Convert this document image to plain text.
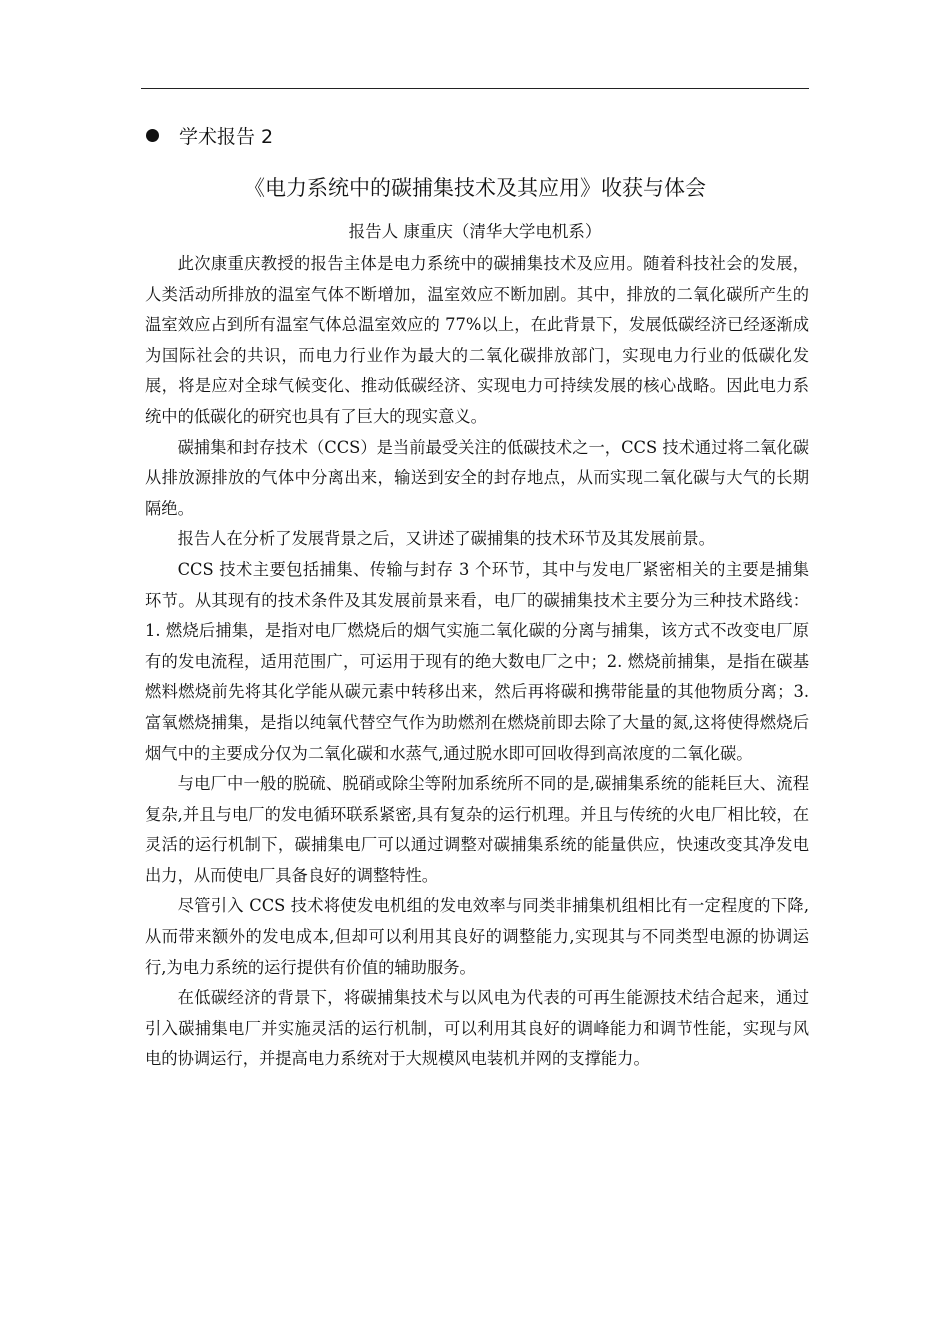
学术报告 2
《电力系统中的碳捕集技术及其应用》收获与体会
报告人 康重庆（清华大学电机系）

此次康重庆教授的报告主体是电力系统中的碳捕集技术及应用。随着科技社会的发展，人类活动所排放的温室气体不断增加，温室效应不断加剧。其中，排放的二氧化碳所产生的温室效应占到所有温室气体总温室效应的 77%以上，在此背景下，发展低碳经济已经逐渐成为国际社会的共识，而电力行业作为最大的二氧化碳排放部门，实现电力行业的低碳化发展，将是应对全球气候变化、推动低碳经济、实现电力可持续发展的核心战略。因此电力系统中的低碳化的研究也具有了巨大的现实意义。

碳捕集和封存技术（CCS）是当前最受关注的低碳技术之一，CCS 技术通过将二氧化碳从排放源排放的气体中分离出来，输送到安全的封存地点，从而实现二氧化碳与大气的长期隔绝。

报告人在分析了发展背景之后，又讲述了碳捕集的技术环节及其发展前景。

CCS 技术主要包括捕集、传输与封存 3 个环节，其中与发电厂紧密相关的主要是捕集环节。从其现有的技术条件及其发展前景来看，电厂的碳捕集技术主要分为三种技术路线：1. 燃烧后捕集，是指对电厂燃烧后的烟气实施二氧化碳的分离与捕集，该方式不改变电厂原有的发电流程，适用范围广，可运用于现有的绝大数电厂之中；2. 燃烧前捕集，是指在碳基燃料燃烧前先将其化学能从碳元素中转移出来，然后再将碳和携带能量的其他物质分离；3. 富氧燃烧捕集，是指以纯氧代替空气作为助燃剂在燃烧前即去除了大量的氮,这将使得燃烧后烟气中的主要成分仅为二氧化碳和水蒸气,通过脱水即可回收得到高浓度的二氧化碳。

与电厂中一般的脱硫、脱硝或除尘等附加系统所不同的是,碳捕集系统的能耗巨大、流程复杂,并且与电厂的发电循环联系紧密,具有复杂的运行机理。并且与传统的火电厂相比较，在灵活的运行机制下，碳捕集电厂可以通过调整对碳捕集系统的能量供应，快速改变其净发电出力，从而使电厂具备良好的调整特性。

尽管引入 CCS 技术将使发电机组的发电效率与同类非捕集机组相比有一定程度的下降,从而带来额外的发电成本,但却可以利用其良好的调整能力,实现其与不同类型电源的协调运行,为电力系统的运行提供有价值的辅助服务。

在低碳经济的背景下，将碳捕集技术与以风电为代表的可再生能源技术结合起来，通过引入碳捕集电厂并实施灵活的运行机制，可以利用其良好的调峰能力和调节性能，实现与风电的协调运行，并提高电力系统对于大规模风电装机并网的支撑能力。
